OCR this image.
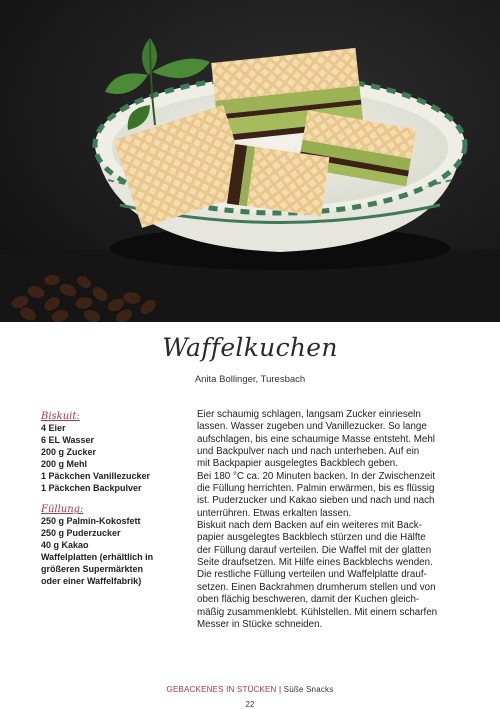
Waffelkuchen
Anita Bollinger, Turesbach
Biskuit:
4 Eier
6 EL Wasser
200 g Zucker
200 g Mehl
1 Päckchen Vanillezucker
1 Päckchen Backpulver
Füllung:
250 g Palmin-Kokosfett
250 g Puderzucker
40 g Kakao
Waffelplatten (erhältlich in
größeren Supermärkten
oder einer Waffelfabrik)
Eier schaumig schlagen, langsam Zucker einrieseln
lassen. Wasser zugeben und Vanillezucker. So lange
aufschlagen, bis eine schaumige Masse entsteht. Mehl
und Backpulver nach und nach unterheben. Auf ein
mit Backpapier ausgelegtes Backblech geben.
Bei 180 °C ca. 20 Minuten backen. In der Zwischenzeit
die Füllung herrichten. Palmin erwärmen, bis es flüssig
ist. Puderzucker und Kakao sieben und nach und nach
unterrühren. Etwas erkalten lassen.
Biskuit nach dem Backen auf ein weiteres mit Back-
papier ausgelegtes Backblech stürzen und die Hälfte
der Füllung darauf verteilen. Die Waffel mit der glatten
Seite draufsetzen. Mit Hilfe eines Backblechs wenden.
Die restliche Füllung verteilen und Waffelplatte drauf-
setzen. Einen Backrahmen drumherum stellen und von
oben flächig beschweren, damit der Kuchen gleich-
mäßig zusammenklebt. Kühlstellen. Mit einem scharfen
Messer in Stücke schneiden.
GEBACKENES IN STÜCKEN | Süße Snacks
22
